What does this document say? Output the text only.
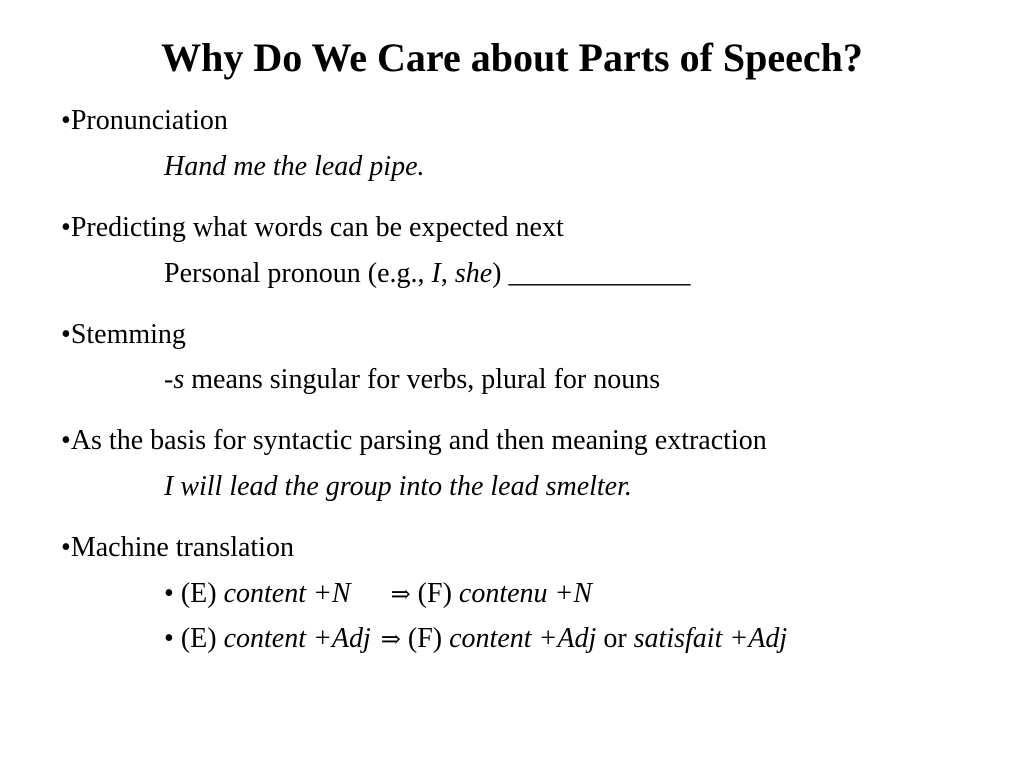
Why Do We Care about Parts of Speech?
•Pronunciation
Hand me the lead pipe.
•Predicting what words can be expected next
Personal pronoun (e.g., I, she) _____________
•Stemming
-s means singular for verbs, plural for nouns
•As the basis for syntactic parsing and then meaning extraction
I will lead the group into the lead smelter.
•Machine translation
• (E) content +N ⇒ (F) contenu +N
• (E) content +Adj ⇒ (F) content +Adj or satisfait +Adj
